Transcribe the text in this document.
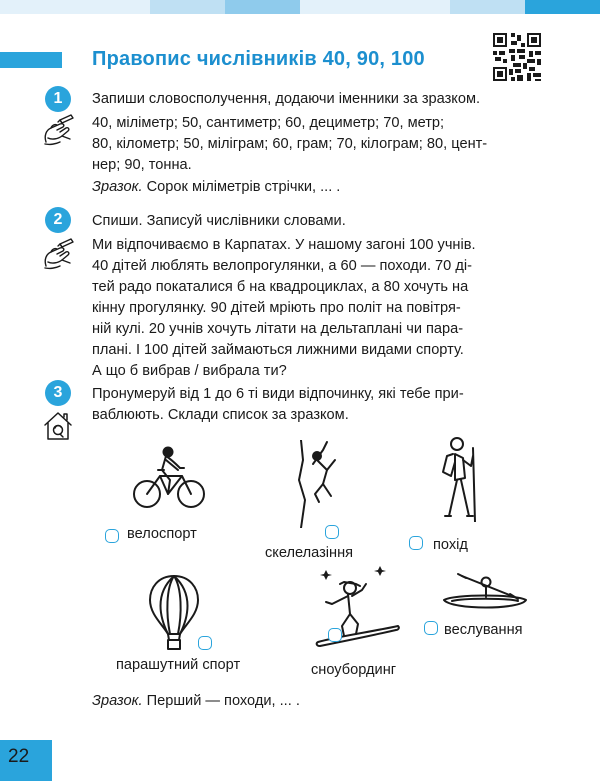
Правопис числівників 40, 90, 100
1	Запиши словосполучення, додаючи іменники за зразком.

40, міліметр; 50, сантиметр; 60, дециметр; 70, метр;
80, кілометр; 50, міліграм; 60, грам; 70, кілограм; 80, цент-
нер; 90, тонна.

Зразок. Сорок міліметрів стрічки, ... .

2	Спиши. Записуй числівники словами.

Ми відпочиваємо в Карпатах. У нашому загоні 100 учнів.
40 дітей люблять велопрогулянки, а 60 — походи. 70 ді-
тей радо покаталися б на квадроциклах, а 80 хочуть на
кінну прогулянку. 90 дітей мріють про політ на повітря-
ній кулі. 20 учнів хочуть літати на дельтаплані чи пара-
плані. І 100 дітей займаються лижними видами спорту.
А що б вибрав / вибрала ти?

3	Пронумеруй від 1 до 6 ті види відпочинку, які тебе при-
ваблюють. Склади список за зразком.

велоспорт
скелелазіння	похід
парашутний спорт	сноубординг
веслування

Зразок. Перший — походи, ... .

22
